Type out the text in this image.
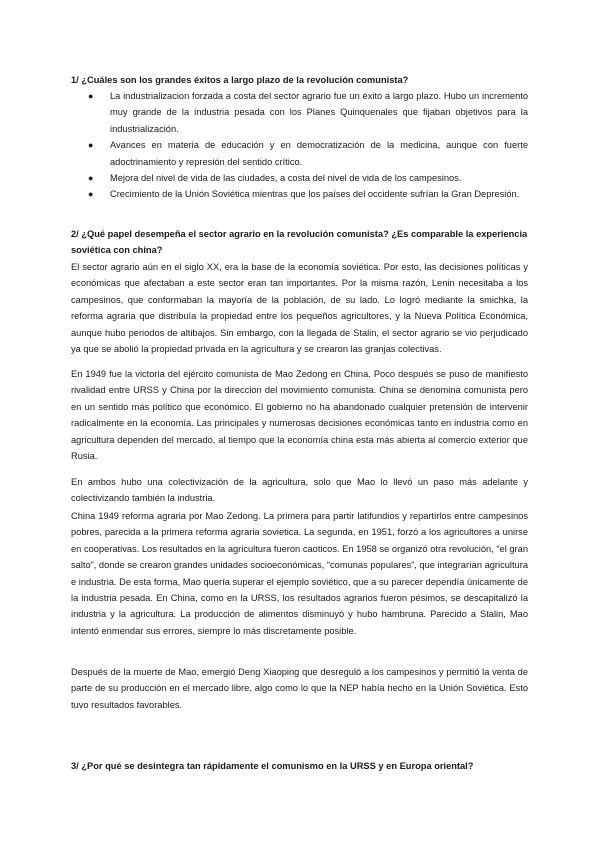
1/ ¿Cuáles son los grandes éxitos a largo plazo de la revolución comunista?
● La industrializacion forzada a costa del sector agrario fue un éxito a largo plazo. Hubo un incremento muy grande de la industria pesada con los Planes Quinquenales que fijaban objetivos para la industrialización.
● Avances en materia de educación y en democratización de la medicina, aunque con fuerte adoctrinamiento y represión del sentido crítico.
● Mejora del nivel de vida de las ciudades, a costa del nivel de vida de los campesinos.
● Crecimiento de la Unión Soviética mientras que los países del occidente sufrían la Gran Depresión.
2/ ¿Qué papel desempeña el sector agrario en la revolución comunista? ¿Es comparable la experiencia soviética con china?

El sector agrario aún en el siglo XX, era la base de la economía soviética. Por esto, las decisiones políticas y económicas que afectaban a este sector eran tan importantes. Por la misma razón, Lenin necesitaba a los campesinos, que conformaban la mayoría de la población, de su lado. Lo logró mediante la smichka, la reforma agraria que distribuía la propiedad entre los pequeños agricultores, y la Nueva Política Económica, aunque hubo periodos de altibajos. Sin embargo, con la llegada de Stalin, el sector agrario se vio perjudicado ya que se abolió la propiedad privada en la agricultura y se crearon las granjas colectivas.

En 1949 fue la victoria del ejército comunista de Mao Zedong en China. Poco después se puso de manifiesto rivalidad entre URSS y China por la direccion del movimiento comunista. China se denomina comunista pero en un sentido más político que económico. El gobierno no ha abandonado cualquier pretensión de intervenir radicalmente en la economía. Las principales y numerosas decisiones económicas tanto en industria como en agricultura dependen del mercado, al tiempo que la economía china esta más abierta al comercio exterior que Rusia.

En ambos hubo una colectivización de la agricultura, solo que Mao lo llevó un paso más adelante y colectivizando también la industria.

China 1949 reforma agraria por Mao Zedong. La primera para partir latifundios y repartirlos entre campesinos pobres, parecida a la primera reforma agraria sovietica. La segunda, en 1951, forzó a los agricultores a unirse en cooperativas. Los resultados en la agricultura fueron caoticos. En 1958 se organizó otra revolución, “el gran salto”, donde se crearon grandes unidades socioeconómicas, “comunas populares”, que integrarían agricultura e industria. De esta forma, Mao quería superar el ejemplo soviético, que a su parecer dependía únicamente de la industria pesada. En China, como en la URSS, los resultados agrarios fueron pésimos, se descapitalizó la industria y la agricultura. La producción de alimentos disminuyó y hubo hambruna. Parecido a Stalin, Mao intentó enmendar sus errores, siempre lo más discretamente posible.

Después de la muerte de Mao, emergió Deng Xiaoping que desreguló a los campesinos y permitió la venta de parte de su producción en el mercado libre, algo como lo que la NEP había hecho en la Unión Soviética. Esto tuvo resultados favorables.

3/ ¿Por qué se desintegra tan rápidamente el comunismo en la URSS y en Europa oriental?
